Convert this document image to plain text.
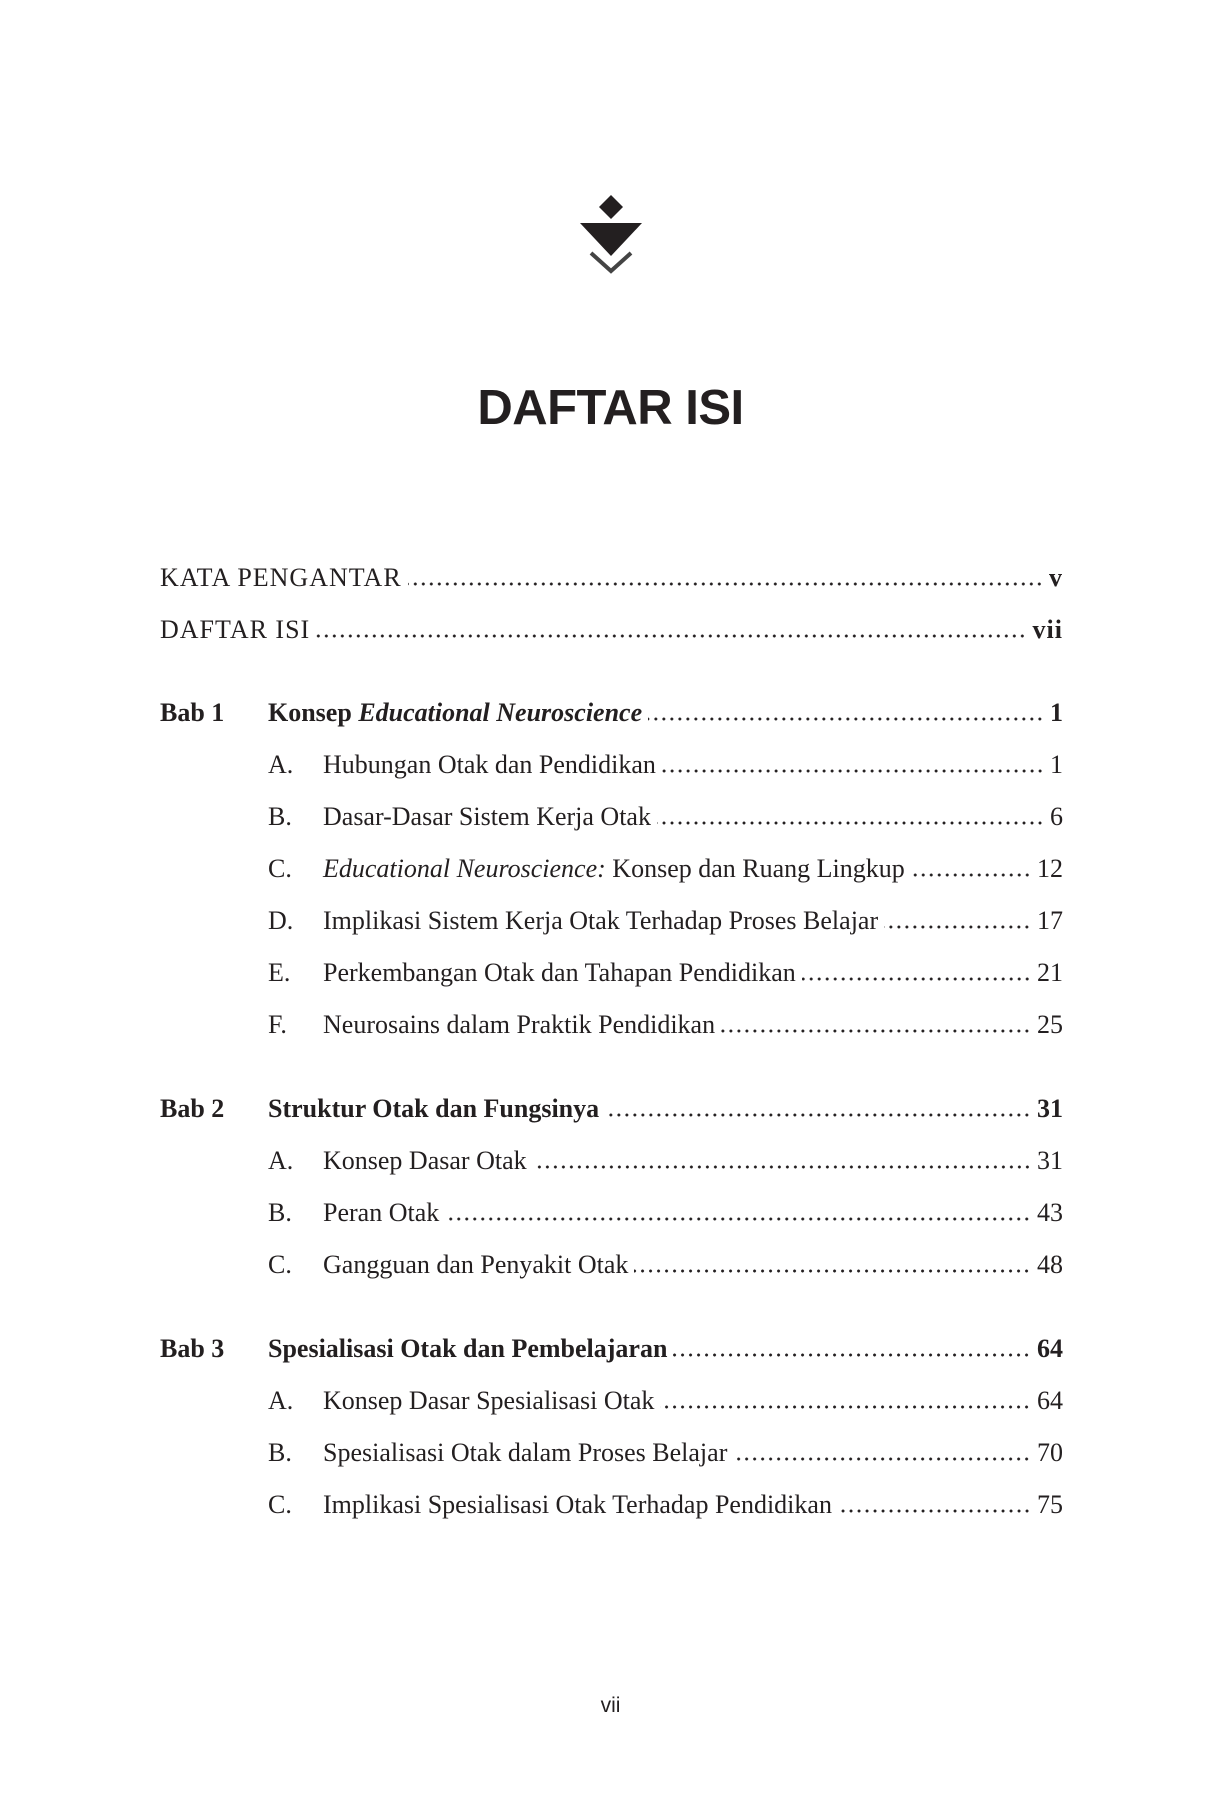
DAFTAR ISI
KATA PENGANTAR	v
DAFTAR ISI	vii
Bab 1	Konsep Educational Neuroscience	1
A.	Hubungan Otak dan Pendidikan	1
B.	Dasar-Dasar Sistem Kerja Otak	6
C.	Educational Neuroscience: Konsep dan Ruang Lingkup	12
D.	Implikasi Sistem Kerja Otak Terhadap Proses Belajar	17
E.	Perkembangan Otak dan Tahapan Pendidikan	21
F.	Neurosains dalam Praktik Pendidikan	25
Bab 2	Struktur Otak dan Fungsinya	31
A.	Konsep Dasar Otak	31
B.	Peran Otak	43
C.	Gangguan dan Penyakit Otak	48
Bab 3	Spesialisasi Otak dan Pembelajaran	64
A.	Konsep Dasar Spesialisasi Otak	64
B.	Spesialisasi Otak dalam Proses Belajar	70
C.	Implikasi Spesialisasi Otak Terhadap Pendidikan	75
vii
